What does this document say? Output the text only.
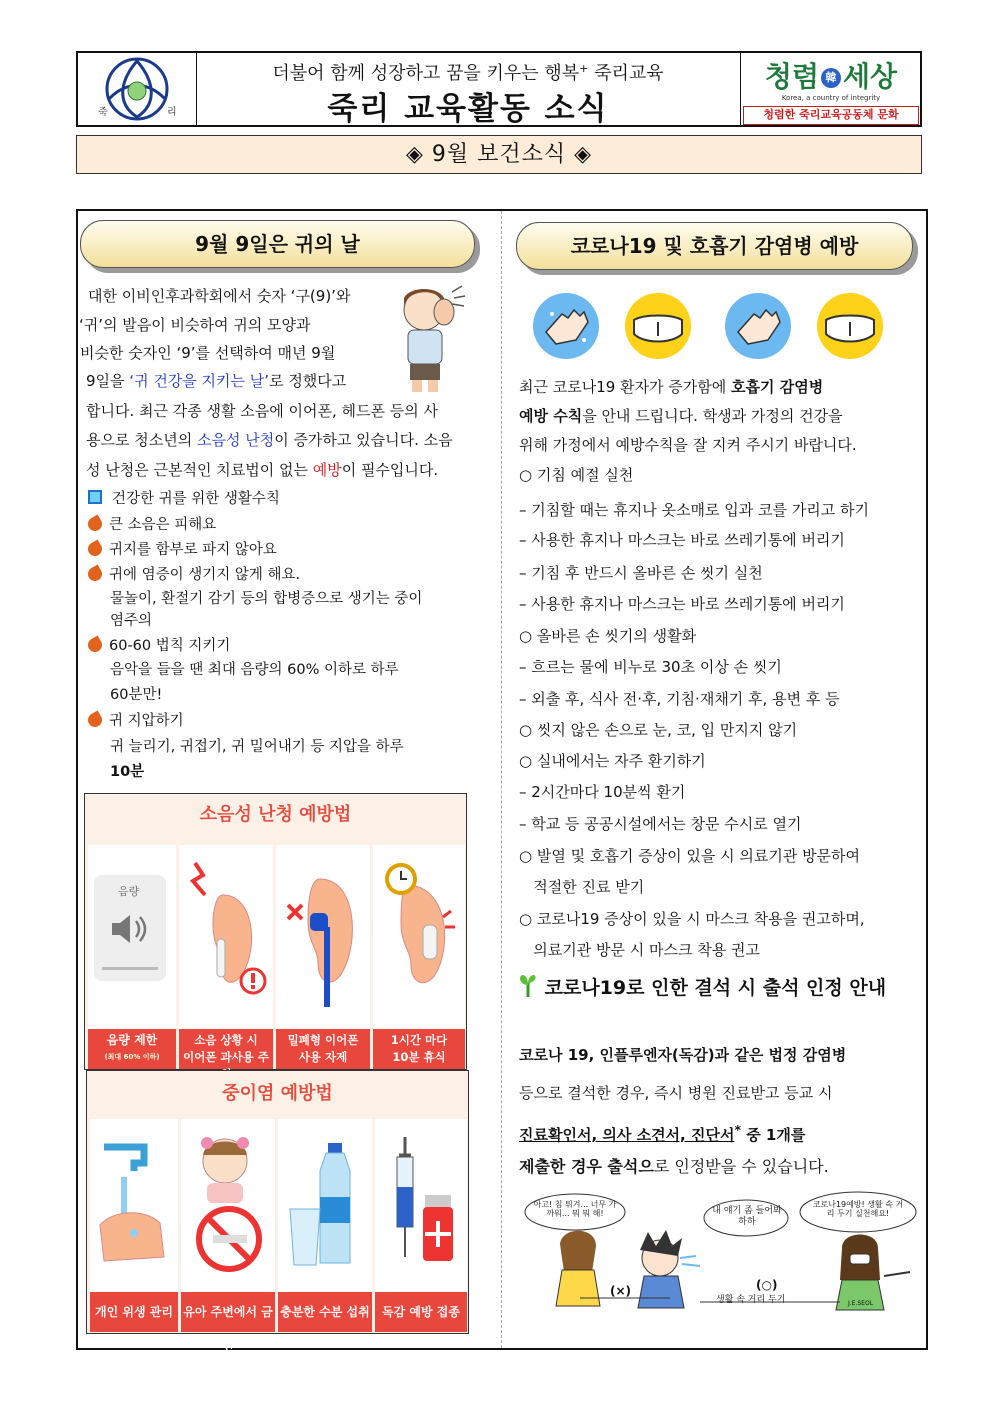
죽	리
더불어 함께 성장하고 꿈을 키우는 행복+ 죽리교육
죽리 교육활동 소식
청렴 韓 세상
Korea, a country of integrity
청렴한 죽리교육공동체 문화
◈ 9월 보건소식 ◈
9월 9일은 귀의 날
대한 이비인후과학회에서 숫자 ‘구(9)’와
‘귀’의 발음이 비슷하여 귀의 모양과
비슷한 숫자인 ‘9’를 선택하여 매년 9월
9일을 ‘귀 건강을 지키는 날’로 정했다고
합니다. 최근 각종 생활 소음에 이어폰, 헤드폰 등의 사
용으로 청소년의 소음성 난청이 증가하고 있습니다. 소음
성 난청은 근본적인 치료법이 없는 예방이 필수입니다.
건강한 귀를 위한 생활수칙
큰 소음은 피해요
귀지를 함부로 파지 않아요
귀에 염증이 생기지 않게 해요.
물놀이, 환절기 감기 등의 합병증으로 생기는 중이
염주의
60-60 법칙 지키기
음악을 들을 땐 최대 음량의 60% 이하로 하루
60분만!
귀 지압하기
귀 늘리기, 귀접기, 귀 밀어내기 등 지압을 하루
10분
소음성 난청 예방법
음량
음량 제한
(최대 60% 이하)
소음 상황 시
이어폰 과사용 주
밀폐형 이어폰
사용 자제
1시간 마다
10분 휴식
중이염 예방법
개인 위생 관리 유아 주변에서 금연
충분한 수분 섭취	독감 예방 접종
코로나19 및 호흡기 감염병 예방
최근 코로나19 환자가 증가함에 호흡기 감염병
예방 수칙을 안내 드립니다. 학생과 가정의 건강을
위해 가정에서 예방수칙을 잘 지켜 주시기 바랍니다.
○ 기침 예절 실천
– 기침할 때는 휴지나 옷소매로 입과 코를 가리고 하기
– 사용한 휴지나 마스크는 바로 쓰레기통에 버리기
– 기침 후 반드시 올바른 손 씻기 실천
– 사용한 휴지나 마스크는 바로 쓰레기통에 버리기
○ 올바른 손 씻기의 생활화
– 흐르는 물에 비누로 30초 이상 손 씻기
– 외출 후, 식사 전·후, 기침·재채기 후, 용변 후 등
○ 씻지 않은 손으로 눈, 코, 입 만지지 않기
○ 실내에서는 자주 환기하기
– 2시간마다 10분씩 환기
– 학교 등 공공시설에서는 창문 수시로 열기
○ 발열 및 호흡기 증상이 있을 시 의료기관 방문하여
적절한 진료 받기
○ 코로나19 증상이 있을 시 마스크 착용을 권고하며,
의료기관 방문 시 마스크 착용 권고
코로나19로 인한 결석 시 출석 인정 안내
코로나 19, 인플루엔자(독감)과 같은 법정 감염병
등으로 결석한 경우, 즉시 병원 진료받고 등교 시
진료확인서, 의사 소견서, 진단서* 중 1개를
제출한 경우 출석으로 인정받을 수 있습니다.
아고! 침 튀겨... 너무 가까워... 뭐 뭐 해!	내 얘기 좀 들어봐 하하
코로나19예방! 생활 속 거리 두기 실천해요!
(×)	(○)
생활 속 거리 두기	J.E.SEOL
